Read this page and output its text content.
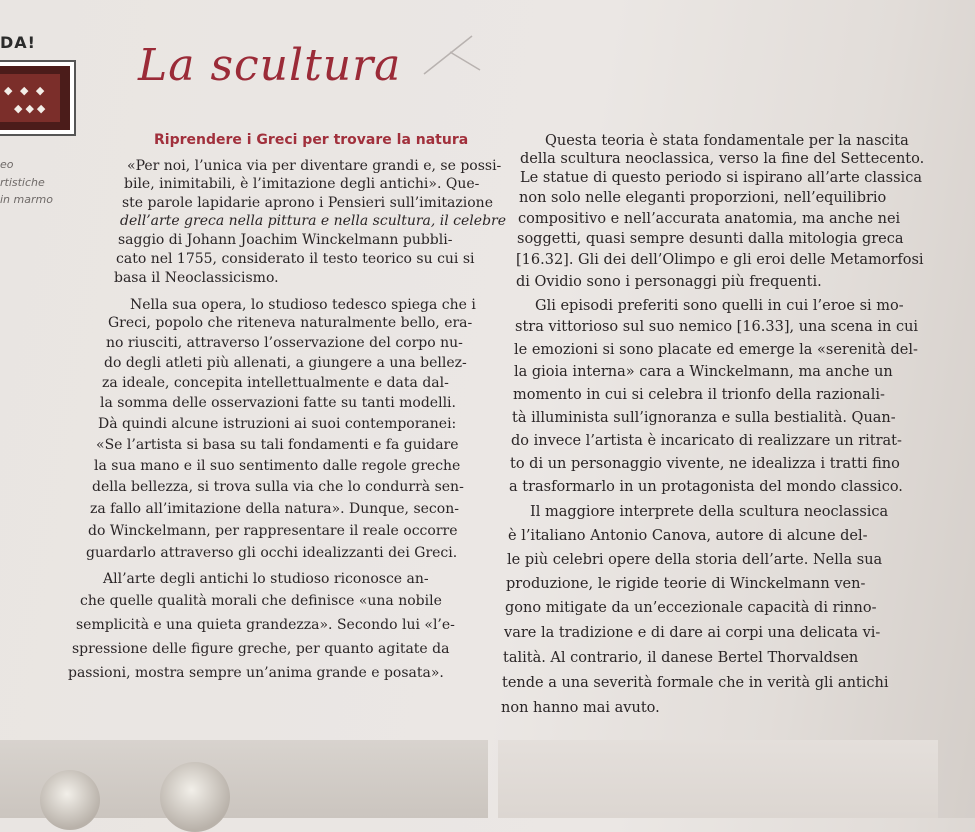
DA!
◆ ◆ ◆ ◆◆◆
eo
rtistiche
in marmo
La scultura
Riprendere i Greci per trovare la natura
«Per noi, l’unica via per diventare grandi e, se possi-
bile, inimitabili, è l’imitazione degli antichi». Que-
ste parole lapidarie aprono i Pensieri sull’imitazione
dell’arte greca nella pittura e nella scultura, il celebre
saggio di Johann Joachim Winckelmann pubbli-
cato nel 1755, considerato il testo teorico su cui si
basa il Neoclassicismo.
Nella sua opera, lo studioso tedesco spiega che i
Greci, popolo che riteneva naturalmente bello, era-
no riusciti, attraverso l’osservazione del corpo nu-
do degli atleti più allenati, a giungere a una bellez-
za ideale, concepita intellettualmente e data dal-
la somma delle osservazioni fatte su tanti modelli.
Dà quindi alcune istruzioni ai suoi contemporanei:
«Se l’artista si basa su tali fondamenti e fa guidare
la sua mano e il suo sentimento dalle regole greche
della bellezza, si trova sulla via che lo condurrà sen-
za fallo all’imitazione della natura». Dunque, secon-
do Winckelmann, per rappresentare il reale occorre
guardarlo attraverso gli occhi idealizzanti dei Greci.
All’arte degli antichi lo studioso riconosce an-
che quelle qualità morali che definisce «una nobile
semplicità e una quieta grandezza». Secondo lui «l’e-
spressione delle figure greche, per quanto agitate da
passioni, mostra sempre un’anima grande e posata».
Questa teoria è stata fondamentale per la nascita
della scultura neoclassica, verso la fine del Settecento.
Le statue di questo periodo si ispirano all’arte classica
non solo nelle eleganti proporzioni, nell’equilibrio
compositivo e nell’accurata anatomia, ma anche nei
soggetti, quasi sempre desunti dalla mitologia greca
[16.32]. Gli dei dell’Olimpo e gli eroi delle Metamorfosi
di Ovidio sono i personaggi più frequenti.
Gli episodi preferiti sono quelli in cui l’eroe si mo-
stra vittorioso sul suo nemico [16.33], una scena in cui
le emozioni si sono placate ed emerge la «serenità del-
la gioia interna» cara a Winckelmann, ma anche un
momento in cui si celebra il trionfo della razionali-
tà illuminista sull’ignoranza e sulla bestialità. Quan-
do invece l’artista è incaricato di realizzare un ritrat-
to di un personaggio vivente, ne idealizza i tratti fino
a trasformarlo in un protagonista del mondo classico.
Il maggiore interprete della scultura neoclassica
è l’italiano Antonio Canova, autore di alcune del-
le più celebri opere della storia dell’arte. Nella sua
produzione, le rigide teorie di Winckelmann ven-
gono mitigate da un’eccezionale capacità di rinno-
vare la tradizione e di dare ai corpi una delicata vi-
talità. Al contrario, il danese Bertel Thorvaldsen
tende a una severità formale che in verità gli antichi
non hanno mai avuto.
